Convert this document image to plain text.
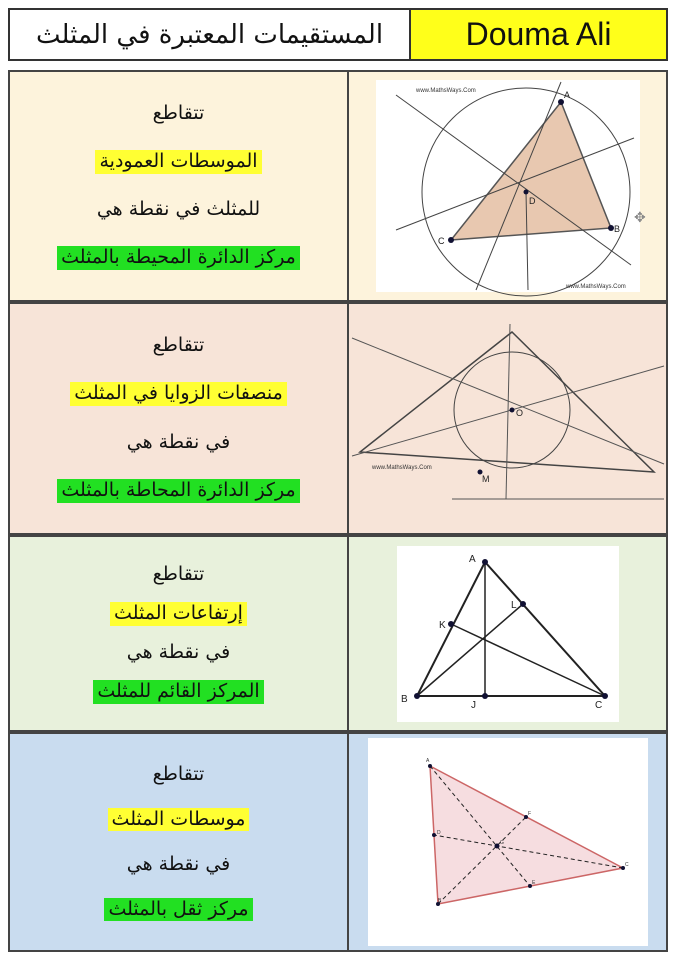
المستقيمات المعتبرة في المثلث	Douma Ali
تتقاطع
الموسطات العمودية
للمثلث في نقطة هي
مركز الدائرة المحيطة بالمثلث
www.MathsWays.Com	A
B
C
D
✥
www.MathsWays.Com
تتقاطع
منصفات الزوايا في المثلث
في نقطة هي
مركز الدائرة المحاطة بالمثلث
O
M
www.MathsWays.Com
تتقاطع
إرتفاعات المثلث
في نقطة هي
المركز القائم للمثلث
A
K
L
B
J	C
تتقاطع
موسطات المثلث
في نقطة هي
مركز ثقل بالمثلث
A
B
C
D
E
F
G
